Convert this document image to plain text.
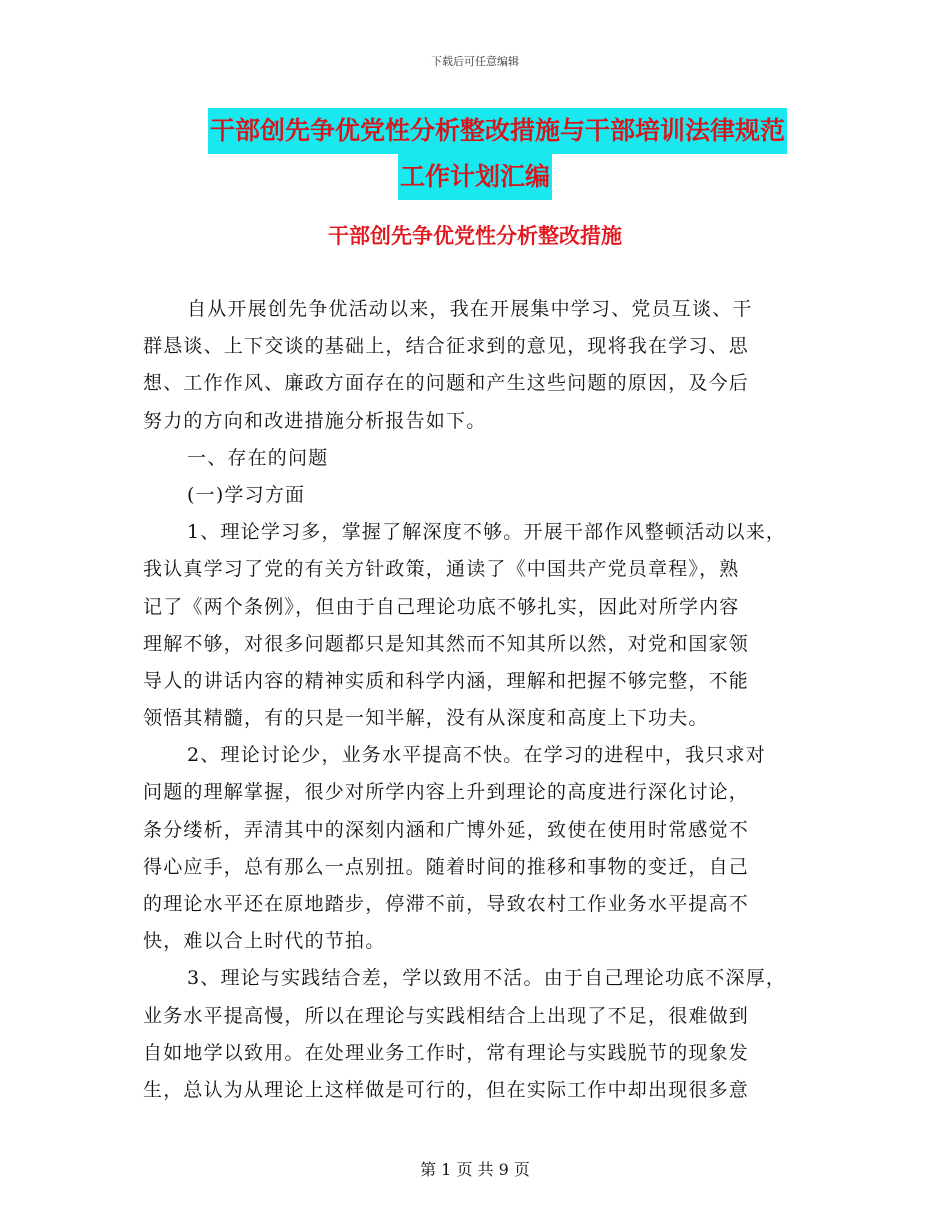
下载后可任意编辑
干部创先争优党性分析整改措施与干部培训法律规范
工作计划汇编
干部创先争优党性分析整改措施
自从开展创先争优活动以来，我在开展集中学习、党员互谈、干
群恳谈、上下交谈的基础上，结合征求到的意见，现将我在学习、思
想、工作作风、廉政方面存在的问题和产生这些问题的原因，及今后
努力的方向和改进措施分析报告如下。
一、存在的问题
(一)学习方面
1、理论学习多，掌握了解深度不够。开展干部作风整顿活动以来，
我认真学习了党的有关方针政策，通读了《中国共产党员章程》，熟
记了《两个条例》，但由于自己理论功底不够扎实，因此对所学内容
理解不够，对很多问题都只是知其然而不知其所以然，对党和国家领
导人的讲话内容的精神实质和科学内涵，理解和把握不够完整，不能
领悟其精髓，有的只是一知半解，没有从深度和高度上下功夫。
2、理论讨论少，业务水平提高不快。在学习的进程中，我只求对
问题的理解掌握，很少对所学内容上升到理论的高度进行深化讨论，
条分缕析，弄清其中的深刻内涵和广博外延，致使在使用时常感觉不
得心应手，总有那么一点别扭。随着时间的推移和事物的变迁，自己
的理论水平还在原地踏步，停滞不前，导致农村工作业务水平提高不
快，难以合上时代的节拍。
3、理论与实践结合差，学以致用不活。由于自己理论功底不深厚，
业务水平提高慢，所以在理论与实践相结合上出现了不足，很难做到
自如地学以致用。在处理业务工作时，常有理论与实践脱节的现象发
生，总认为从理论上这样做是可行的，但在实际工作中却出现很多意
第 1 页 共 9 页
